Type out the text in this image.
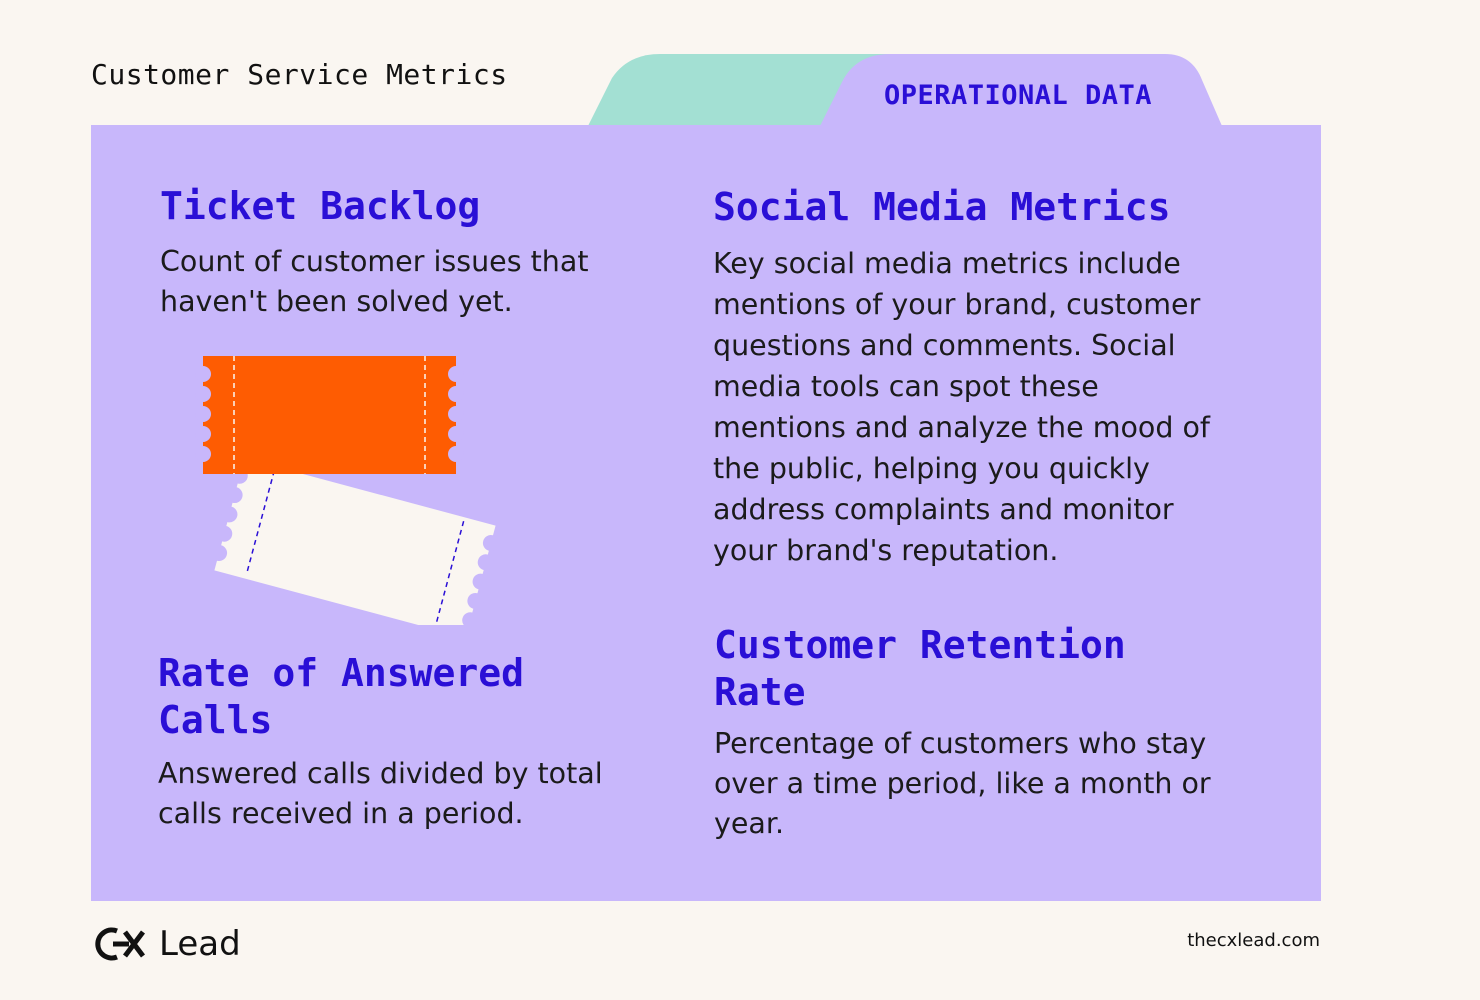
Customer Service Metrics
OPERATIONAL DATA
Ticket Backlog

Count of customer issues that haven't been solved yet.

Social Media Metrics

Key social media metrics include mentions of your brand, customer questions and comments. Social media tools can spot these mentions and analyze the mood of the public, helping you quickly address complaints and monitor your brand's reputation.

Rate of Answered Calls

Answered calls divided by total calls received in a period.

Customer Retention Rate

Percentage of customers who stay over a time period, like a month or year.

Lead	thecxlead.com
